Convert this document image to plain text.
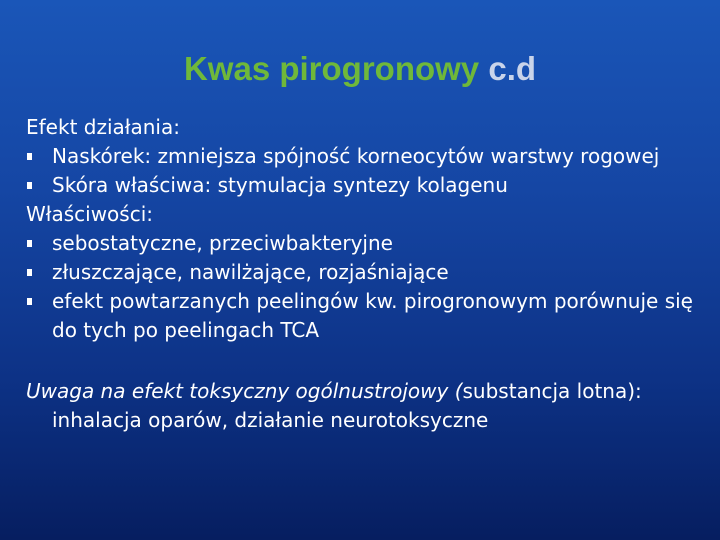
Kwas pirogronowy c.d
Efekt działania:
Naskórek: zmniejsza spójność korneocytów warstwy rogowej
Skóra właściwa: stymulacja syntezy kolagenu
Właściwości:
sebostatyczne, przeciwbakteryjne
złuszczające, nawilżające, rozjaśniające
efekt powtarzanych peelingów kw. pirogronowym porównuje się do tych po peelingach TCA
Uwaga na efekt toksyczny ogólnustrojowy (substancja lotna): inhalacja oparów, działanie neurotoksyczne
